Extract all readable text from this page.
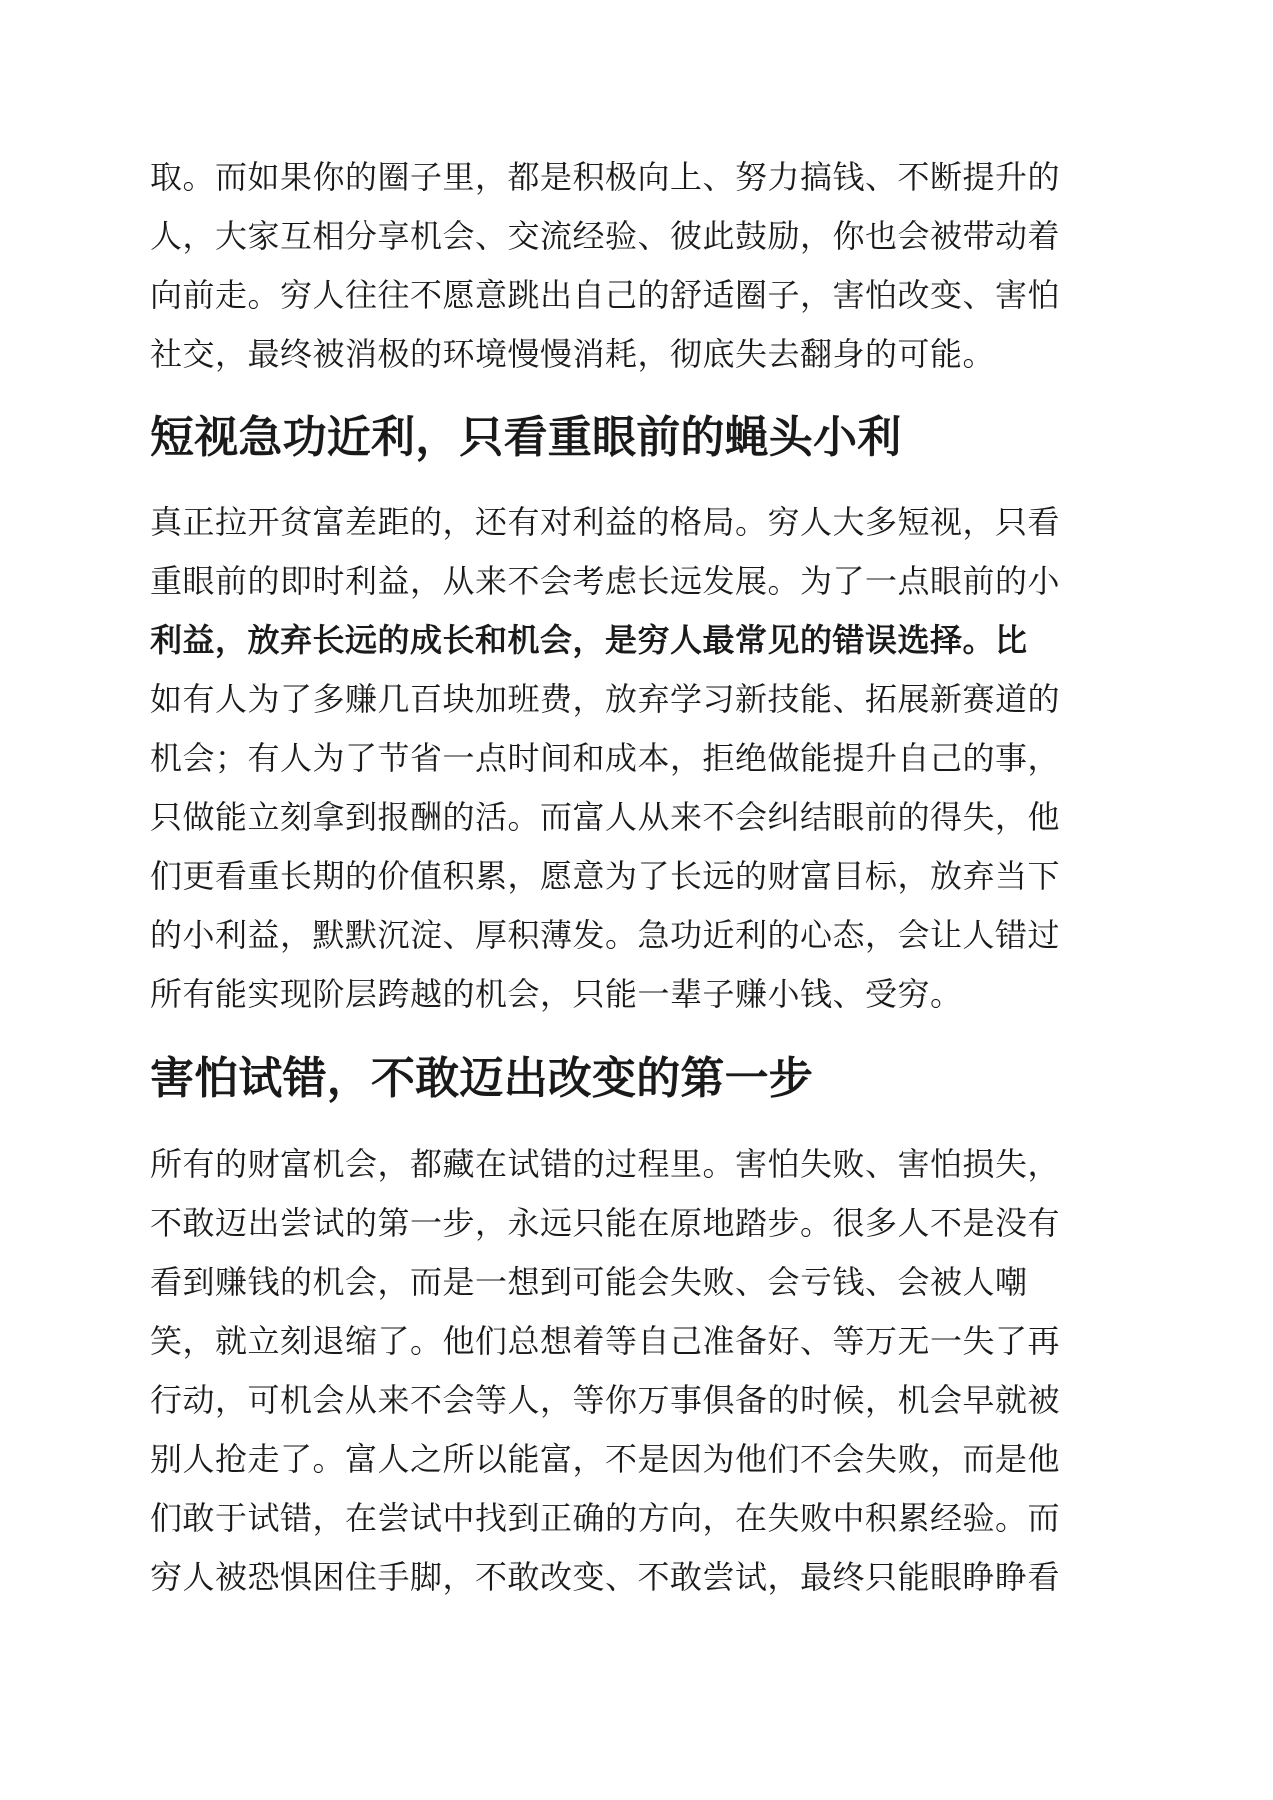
取。而如果你的圈子里，都是积极向上、努力搞钱、不断提升的

人，大家互相分享机会、交流经验、彼此鼓励，你也会被带动着

向前走。穷人往往不愿意跳出自己的舒适圈子，害怕改变、害怕

社交，最终被消极的环境慢慢消耗，彻底失去翻身的可能。

短视急功近利，只看重眼前的蝇头小利

真正拉开贫富差距的，还有对利益的格局。穷人大多短视，只看

重眼前的即时利益，从来不会考虑长远发展。为了一点眼前的小

利益，放弃长远的成长和机会，是穷人最常见的错误选择。比

如有人为了多赚几百块加班费，放弃学习新技能、拓展新赛道的

机会；有人为了节省一点时间和成本，拒绝做能提升自己的事，

只做能立刻拿到报酬的活。而富人从来不会纠结眼前的得失，他

们更看重长期的价值积累，愿意为了长远的财富目标，放弃当下

的小利益，默默沉淀、厚积薄发。急功近利的心态，会让人错过

所有能实现阶层跨越的机会，只能一辈子赚小钱、受穷。

害怕试错，不敢迈出改变的第一步

所有的财富机会，都藏在试错的过程里。害怕失败、害怕损失，

不敢迈出尝试的第一步，永远只能在原地踏步。很多人不是没有

看到赚钱的机会，而是一想到可能会失败、会亏钱、会被人嘲

笑，就立刻退缩了。他们总想着等自己准备好、等万无一失了再

行动，可机会从来不会等人，等你万事俱备的时候，机会早就被

别人抢走了。富人之所以能富，不是因为他们不会失败，而是他

们敢于试错，在尝试中找到正确的方向，在失败中积累经验。而

穷人被恐惧困住手脚，不敢改变、不敢尝试，最终只能眼睁睁看
